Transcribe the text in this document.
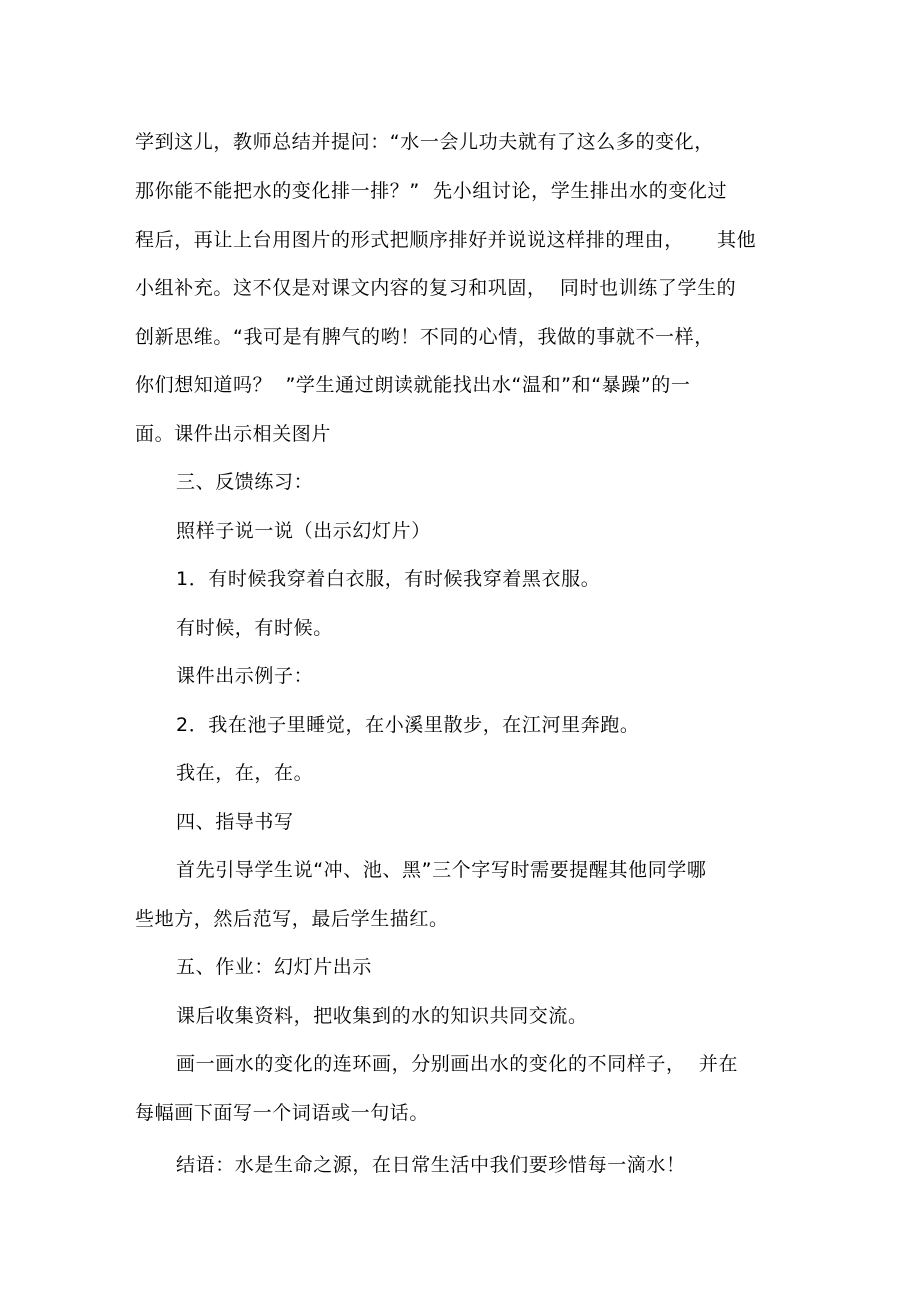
学到这儿，教师总结并提问：“水一会儿功夫就有了这么多的变化，
那你能不能把水的变化排一排？”  先小组讨论，学生排出水的变化过
程后，再让上台用图片的形式把顺序排好并说说这样排的理由，     其他
小组补充。这不仅是对课文内容的复习和巩固，  同时也训练了学生的
创新思维。“我可是有脾气的哟！不同的心情，我做的事就不一样，
你们想知道吗？  ”学生通过朗读就能找出水“温和”和“暴躁”的一
面。课件出示相关图片
三、反馈练习：
照样子说一说（出示幻灯片）
1．有时候我穿着白衣服，有时候我穿着黑衣服。
有时候，有时候。
课件出示例子：
2．我在池子里睡觉，在小溪里散步，在江河里奔跑。
我在，在，在。
四、指导书写
首先引导学生说“冲、池、黑”三个字写时需要提醒其他同学哪
些地方，然后范写，最后学生描红。
五、作业：幻灯片出示
课后收集资料，把收集到的水的知识共同交流。
画一画水的变化的连环画，分别画出水的变化的不同样子，  并在
每幅画下面写一个词语或一句话。
结语：水是生命之源，在日常生活中我们要珍惜每一滴水！
